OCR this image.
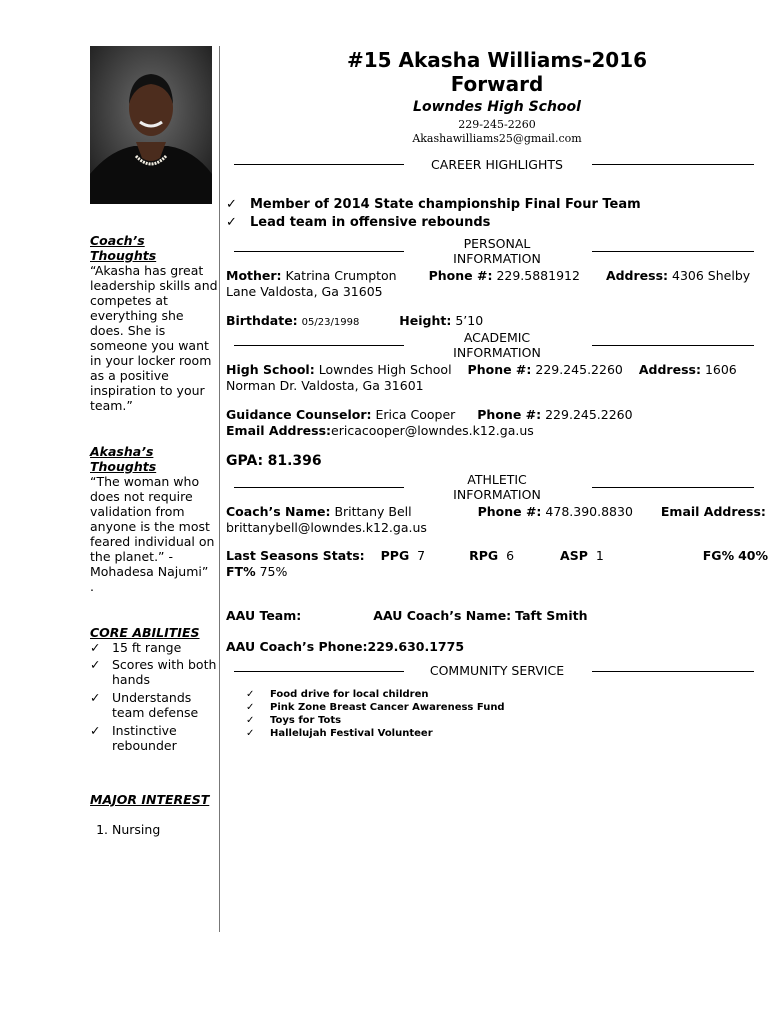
Coach’s
Thoughts
“Akasha has great leadership skills and competes at everything she does. She is someone you want in your locker room as a positive inspiration to your team.”
Akasha’s
Thoughts
“The woman who does not require validation from anyone is the most feared individual on the planet.” -Mohadesa Najumi”
.
CORE ABILITIES
✓ 15 ft range
✓ Scores with both hands
✓ Understands team defense
✓ Instinctive rebounder
MAJOR INTEREST
1. Nursing
#15 Akasha Williams-2016
Forward
Lowndes High School
229-245-2260
Akashawilliams25@gmail.com
CAREER HIGHLIGHTS
✓ Member of 2014 State championship Final Four Team
✓ Lead team in offensive rebounds
PERSONAL
INFORMATION
Mother: Katrina Crumpton	Phone #: 229.5881912 Address: 4306 Shelby
Lane Valdosta, Ga 31605
Birthdate: 05/23/1998	Height: 5’10
ACADEMIC
INFORMATION
High School: Lowndes High School Phone #: 229.245.2260 Address: 1606
Norman Dr. Valdosta, Ga 31601
Guidance Counselor: Erica Cooper Phone #: 229.245.2260
Email Address:ericacooper@lowndes.k12.ga.us
GPA: 81.396
ATHLETIC
INFORMATION
Coach’s Name: Brittany Bell	Phone #: 478.390.8830 Email Address:
brittanybell@lowndes.k12.ga.us
Last Seasons Stats: PPG 7	RPG 6	ASP 1	FG% 40%

FT% 75%
AAU Team:	AAU Coach’s Name: Taft Smith
AAU Coach’s Phone:229.630.1775
COMMUNITY SERVICE
✓ Food drive for local children
✓ Pink Zone Breast Cancer Awareness Fund
✓ Toys for Tots
✓ Hallelujah Festival Volunteer
